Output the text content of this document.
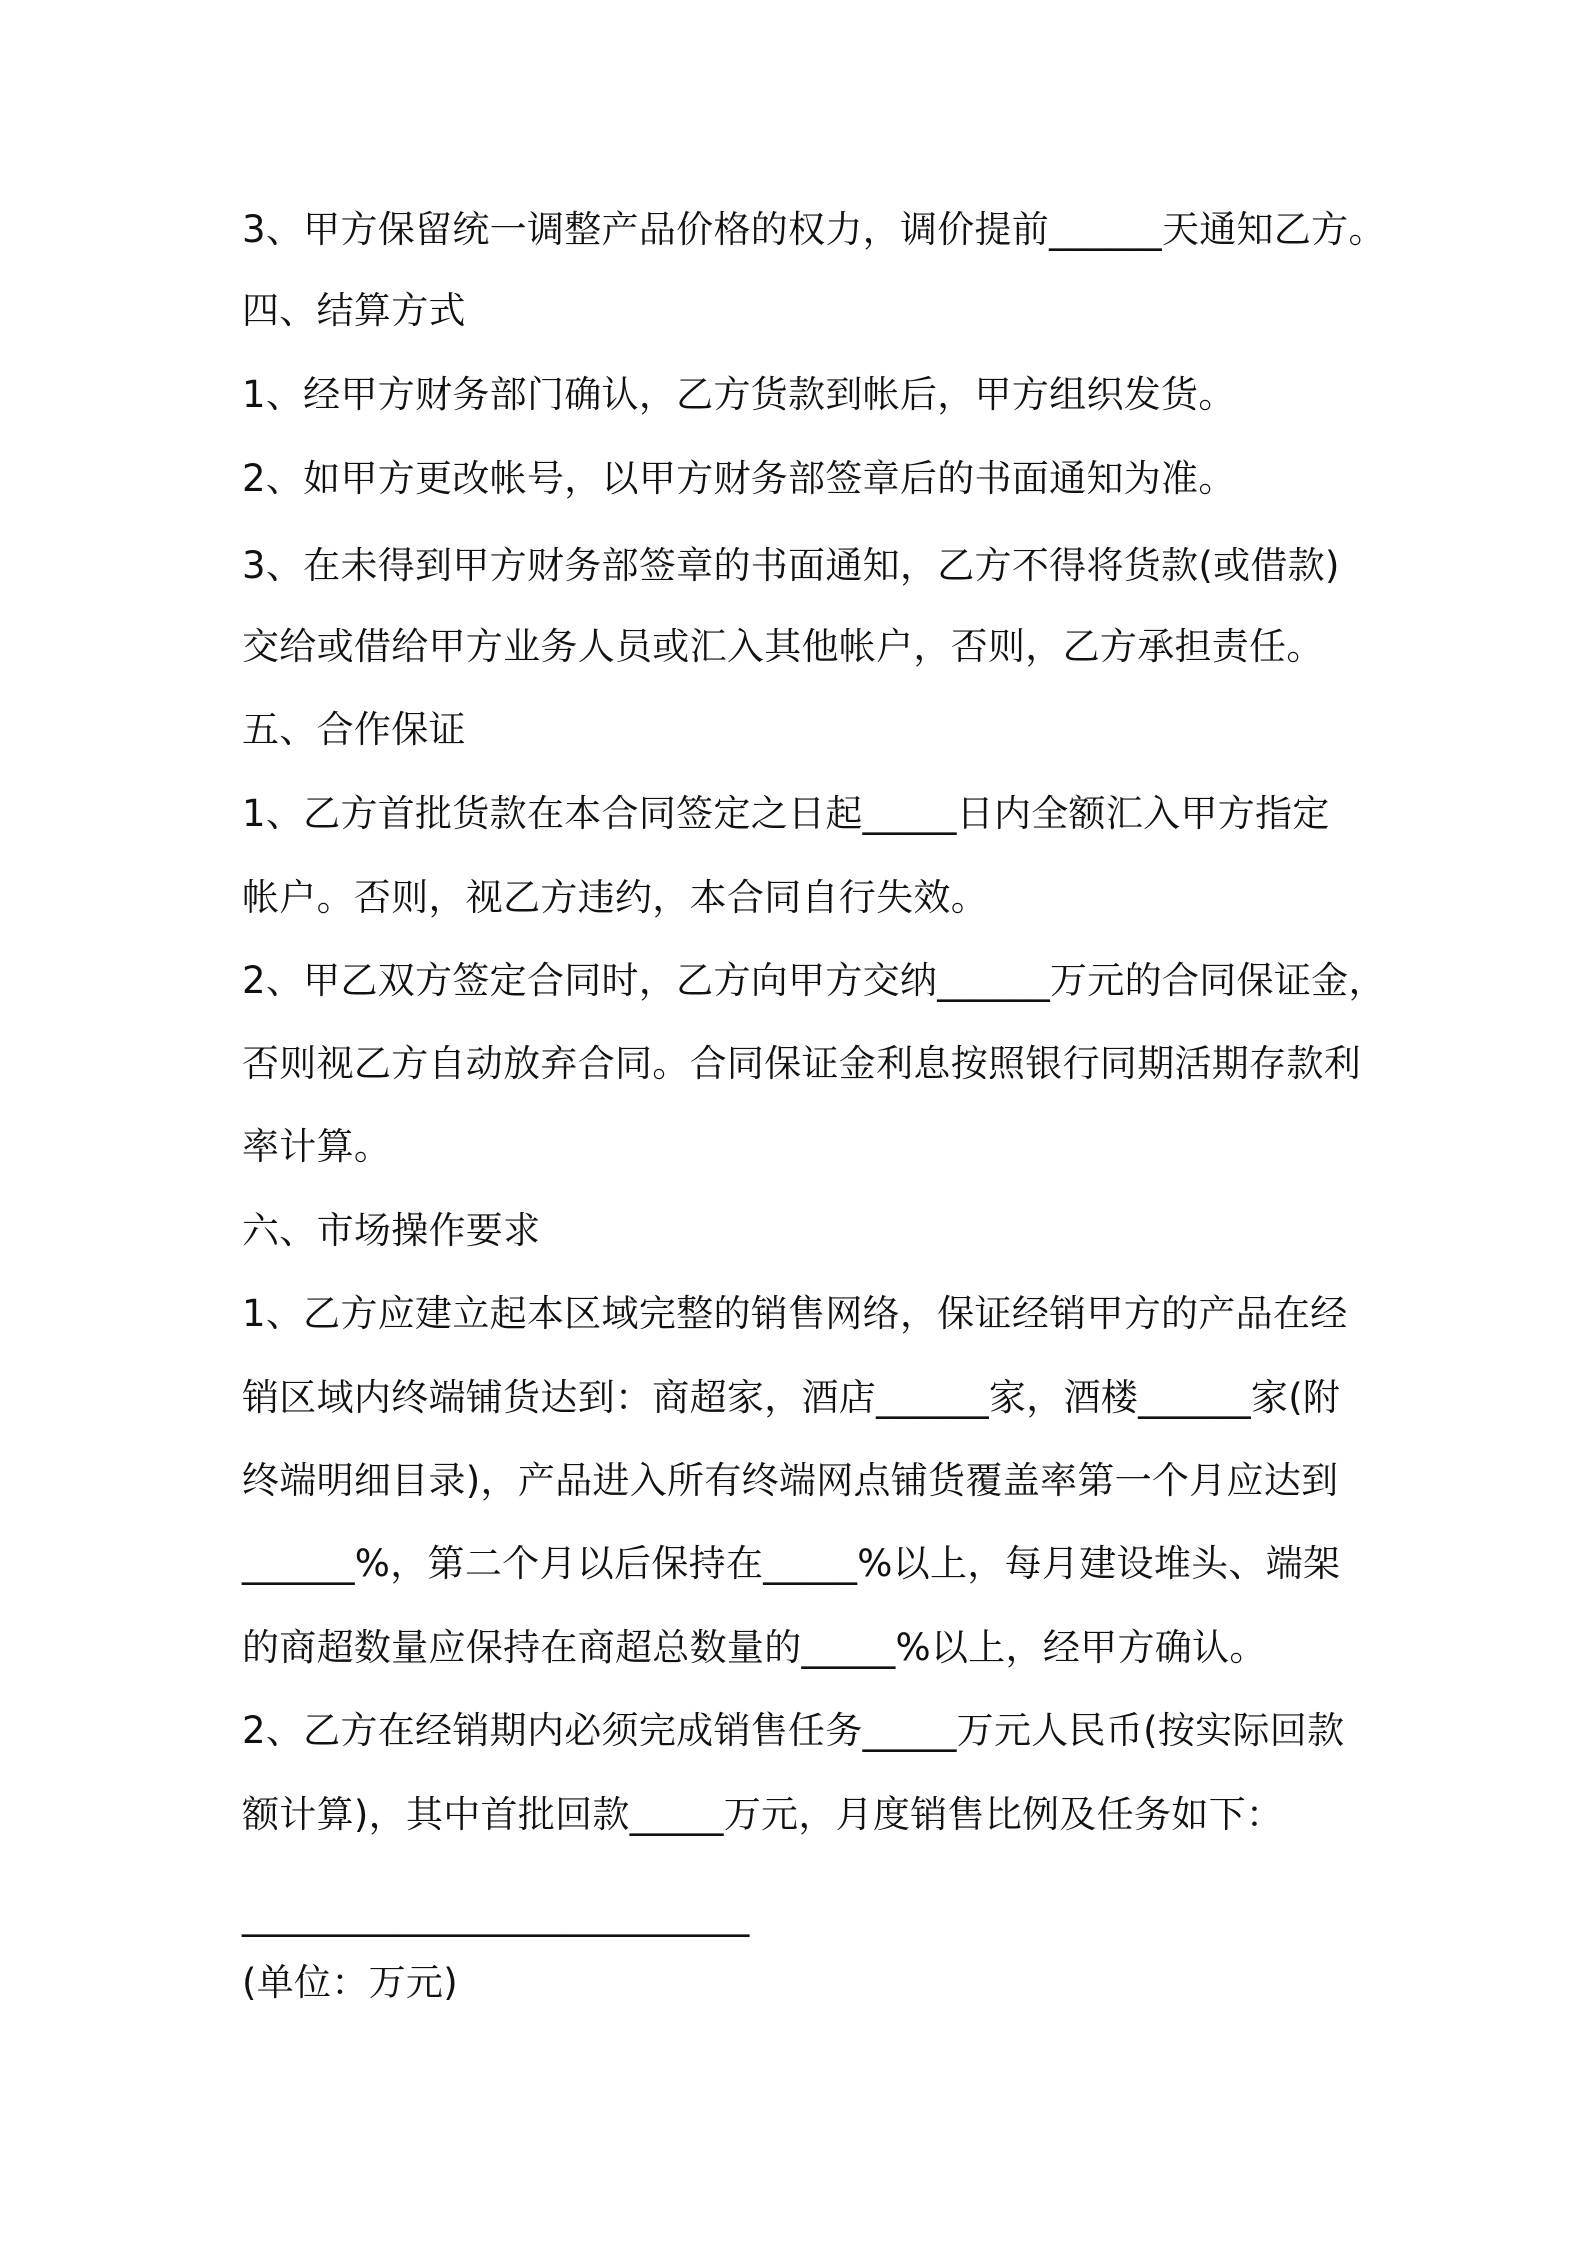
3、甲方保留统一调整产品价格的权力，调价提前______天通知乙方。
四、结算方式
1、经甲方财务部门确认，乙方货款到帐后，甲方组织发货。
2、如甲方更改帐号，以甲方财务部签章后的书面通知为准。
3、在未得到甲方财务部签章的书面通知，乙方不得将货款(或借款)
交给或借给甲方业务人员或汇入其他帐户，否则，乙方承担责任。
五、合作保证
1、乙方首批货款在本合同签定之日起_____日内全额汇入甲方指定
帐户。否则，视乙方违约，本合同自行失效。
2、甲乙双方签定合同时，乙方向甲方交纳______万元的合同保证金，
否则视乙方自动放弃合同。合同保证金利息按照银行同期活期存款利
率计算。
六、市场操作要求
1、乙方应建立起本区域完整的销售网络，保证经销甲方的产品在经
销区域内终端铺货达到：商超家，酒店______家，酒楼______家(附
终端明细目录)，产品进入所有终端网点铺货覆盖率第一个月应达到
______%，第二个月以后保持在_____%以上，每月建设堆头、端架
的商超数量应保持在商超总数量的_____%以上，经甲方确认。
2、乙方在经销期内必须完成销售任务_____万元人民币(按实际回款
额计算)，其中首批回款_____万元，月度销售比例及任务如下：
___________________________
(单位：万元)
